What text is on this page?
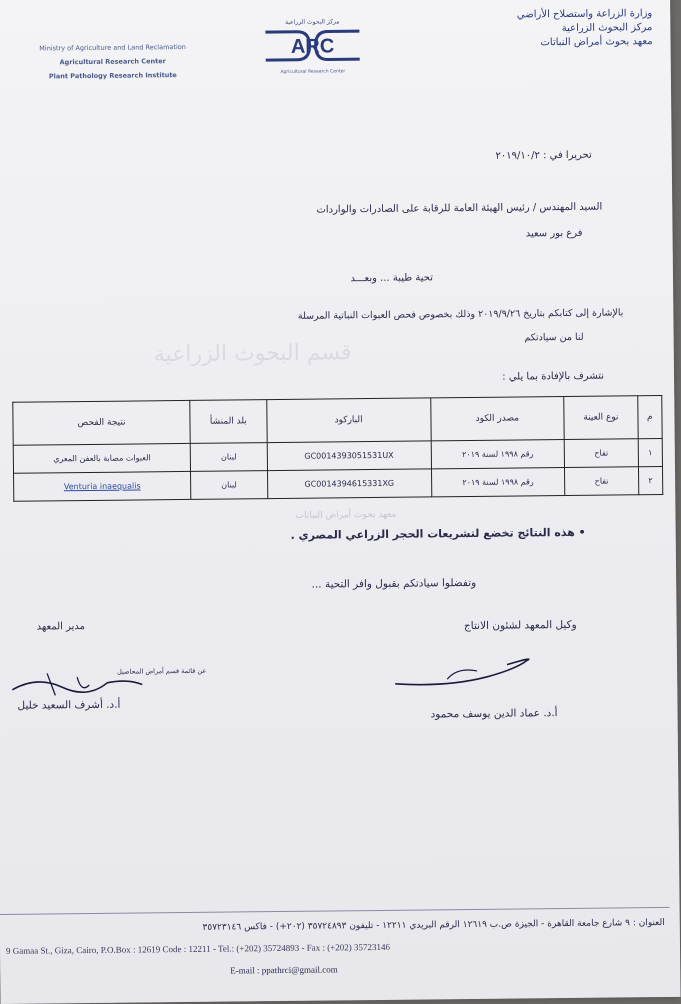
Ministry of Agriculture and Land Reclamation
Agricultural Research Center
Plant Pathology Research Institute
مركز البحوث الزراعية
ARC
Agricultural Research Center
وزارة الزراعة واستصلاح الأراضي
مركز البحوث الزراعية
معهد بحوث أمراض النباتات
تحريرا في : ٢٠١٩/١٠/٢
السيد المهندس / رئيس الهيئة العامة للرقابة على الصادرات والواردات
فرع بور سعيد
تحية طيبة ... وبعـــد
بالإشارة إلى كتابكم بتاريخ ٢٠١٩/٩/٢٦ وذلك بخصوص فحص العبوات النباتية المرسلة
لنا من سيادتكم
قسم البحوث الزراعية
نتشرف بالإفادة بما يلي :
نتيجة الفحص	بلد المنشأ	الباركود	مصدر الكود	نوع العينة	م
العبوات مصابة بالعفن المعري	لبنان	GC0014393051531UX	رقم ١٩٩٨ لسنة ٢٠١٩	تفاح	١
Venturia inaequalis	لبنان	GC0014394615331XG	رقم ١٩٩٨ لسنة ٢٠١٩	تفاح	٢
معهد بحوث أمراض النباتات
• هذه النتائج تخضع لتشريعات الحجر الزراعي المصري .
وتفضلوا سيادتكم بقبول وافر التحية ...
مدير المعهد	وكيل المعهد لشئون الانتاج
عن قائمة قسم أمراض المحاصيل
أ.د. أشرف السعيد خليل
أ.د. عماد الدين يوسف محمود
العنوان : ٩ شارع جامعة القاهرة - الجيزة ص.ب ١٢٦١٩ الرقم البريدي ١٢٢١١ - تليفون ٣٥٧٢٤٨٩٣ (٢٠٢+) - فاكس ٣٥٧٢٣١٤٦
9 Gamaa St., Giza, Cairo, P.O.Box : 12619 Code : 12211 - Tel.: (+202) 35724893 - Fax : (+202) 35723146
E-mail : ppathrci@gmail.com
